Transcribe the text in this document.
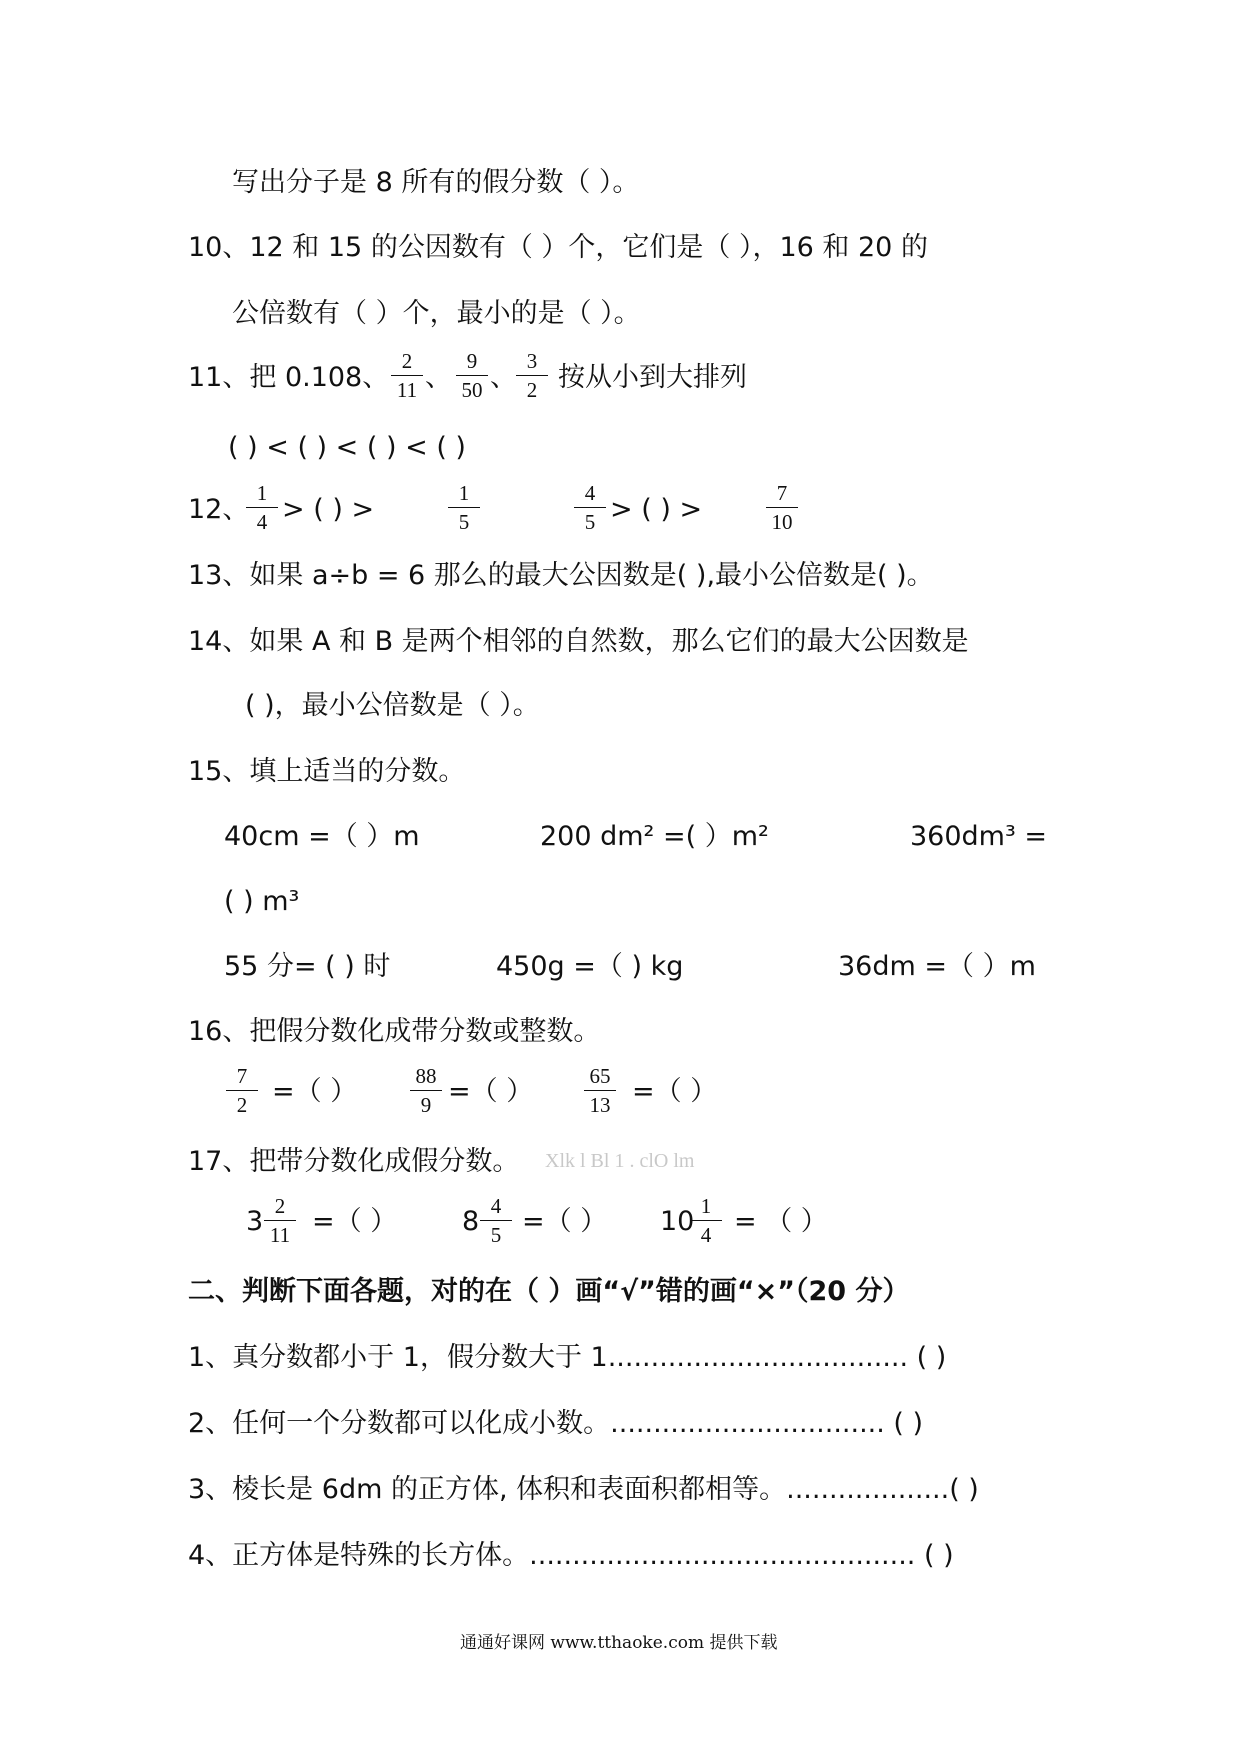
写出分子是 8 所有的假分数（ ）。
10、12 和 15 的公因数有（ ）个，它们是（ ），16 和 20 的
公倍数有（ ）个，最小的是（ ）。
11、把 0.108、
2
11 、
9
50 、
3
2 按从小到大排列
( ) < ( ) < ( ) < ( )
12、
1
4 > ( ) >
1
5
4
5 > ( ) >
7
10
13、如果 a÷b = 6 那么的最大公因数是( ),最小公倍数是( )。
14、如果 A 和 B 是两个相邻的自然数，那么它们的最大公因数是
( )，最小公倍数是（ ）。
15、填上适当的分数。
40cm =（ ）m	200 dm² =( ）m²	360dm³ =
( ) m³
55 分= ( ) 时	450g =（ ) kg	36dm =（ ）m
16、把假分数化成带分数或整数。
7
2 =（ ）	88
9 =（ ）	65
13 =（ ）
17、把带分数化成假分数。 Xlk l Bl 1 . clO lm
3 2
11 =（ ） 8 4
5 =（ ） 10 1
4 = （ ）
二、判断下面各题，对的在（ ）画“√”错的画“×”（20 分）
1、真分数都小于 1，假分数大于 1................................... ( )
2、任何一个分数都可以化成小数。................................ ( )
3、棱长是 6dm 的正方体, 体积和表面积都相等。...................( )
4、正方体是特殊的长方体。............................................. ( )
通通好课网 www.tthaoke.com 提供下载
